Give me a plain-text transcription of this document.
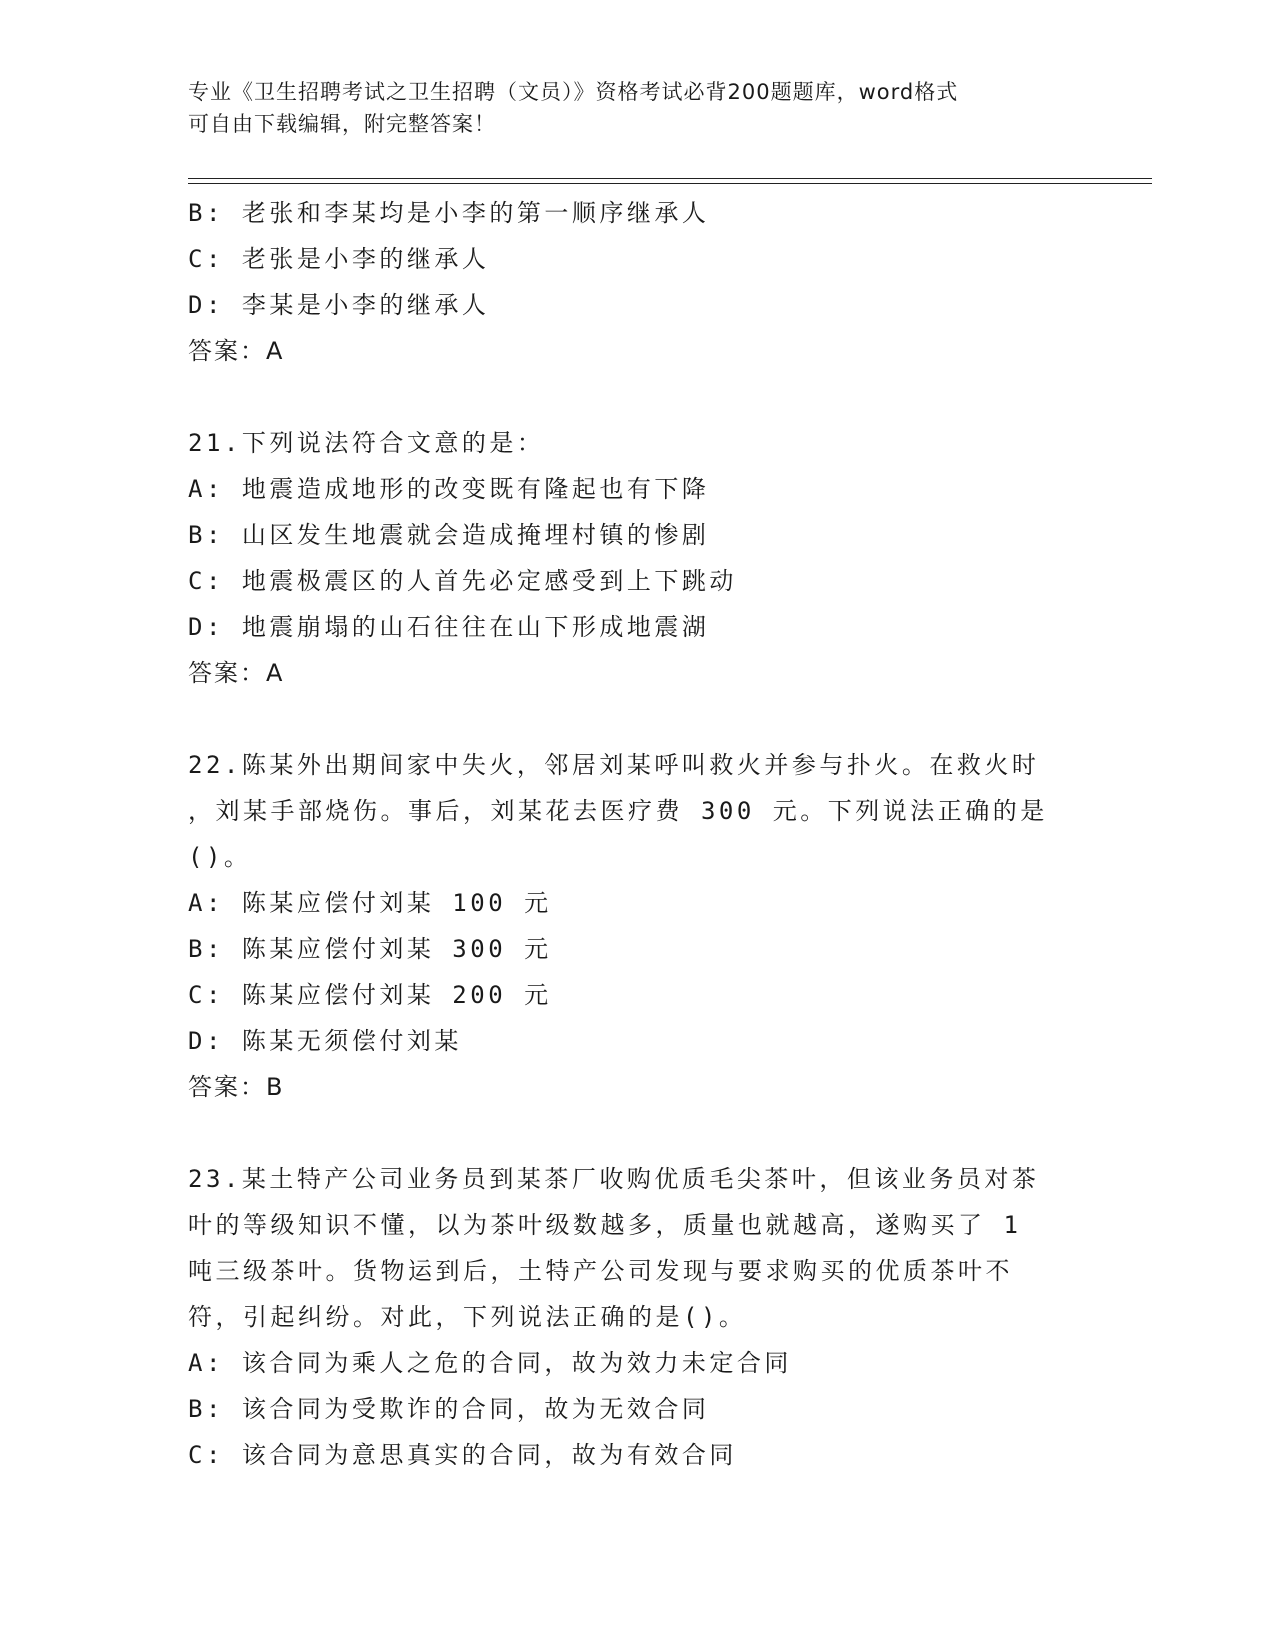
专业《卫生招聘考试之卫生招聘（文员）》资格考试必背200题题库，word格式
可自由下载编辑，附完整答案！
B: 老张和李某均是小李的第一顺序继承人
C: 老张是小李的继承人
D: 李某是小李的继承人
答案：A
21.下列说法符合文意的是：
A: 地震造成地形的改变既有隆起也有下降
B: 山区发生地震就会造成掩埋村镇的惨剧
C: 地震极震区的人首先必定感受到上下跳动
D: 地震崩塌的山石往往在山下形成地震湖
答案：A
22.陈某外出期间家中失火，邻居刘某呼叫救火并参与扑火。在救火时
，刘某手部烧伤。事后，刘某花去医疗费 300 元。下列说法正确的是
()。
A: 陈某应偿付刘某 100 元
B: 陈某应偿付刘某 300 元
C: 陈某应偿付刘某 200 元
D: 陈某无须偿付刘某
答案：B
23.某土特产公司业务员到某茶厂收购优质毛尖茶叶，但该业务员对茶
叶的等级知识不懂，以为茶叶级数越多，质量也就越高，遂购买了 1
吨三级茶叶。货物运到后，土特产公司发现与要求购买的优质茶叶不
符，引起纠纷。对此，下列说法正确的是()。
A: 该合同为乘人之危的合同，故为效力未定合同
B: 该合同为受欺诈的合同，故为无效合同
C: 该合同为意思真实的合同，故为有效合同
